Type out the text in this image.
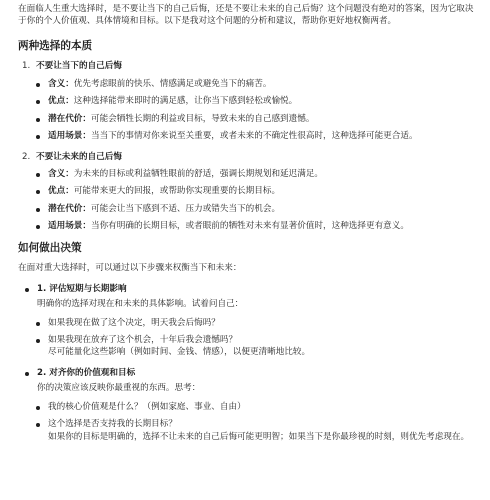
在面临人生重大选择时，是不要让当下的自己后悔，还是不要让未来的自己后悔？这个问题没有绝对的答案，因为它取决于你的个人价值观、具体情境和目标。以下是我对这个问题的分析和建议，帮助你更好地权衡两者。

两种选择的本质
1. 不要让当下的自己后悔
含义：优先考虑眼前的快乐、情感满足或避免当下的痛苦。
优点：这种选择能带来即时的满足感，让你当下感到轻松或愉悦。
潜在代价：可能会牺牲长期的利益或目标，导致未来的自己感到遗憾。
适用场景：当当下的事情对你来说至关重要，或者未来的不确定性很高时，这种选择可能更合适。
2. 不要让未来的自己后悔
含义：为未来的目标或利益牺牲眼前的舒适，强调长期规划和延迟满足。
优点：可能带来更大的回报，或帮助你实现重要的长期目标。
潜在代价：可能会让当下感到不适、压力或错失当下的机会。
适用场景：当你有明确的长期目标，或者眼前的牺牲对未来有显著价值时，这种选择更有意义。
如何做出决策

在面对重大选择时，可以通过以下步骤来权衡当下和未来：

1. 评估短期与长期影响
明确你的选择对现在和未来的具体影响。试着问自己：
如果我现在做了这个决定，明天我会后悔吗？
如果我现在放弃了这个机会，十年后我会遗憾吗？
尽可能量化这些影响（例如时间、金钱、情感），以便更清晰地比较。
2. 对齐你的价值观和目标
你的决策应该反映你最重视的东西。思考：
我的核心价值观是什么？（例如家庭、事业、自由）
这个选择是否支持我的长期目标？
如果你的目标是明确的，选择不让未来的自己后悔可能更明智；如果当下是你最珍视的时刻，则优先考虑现在。
